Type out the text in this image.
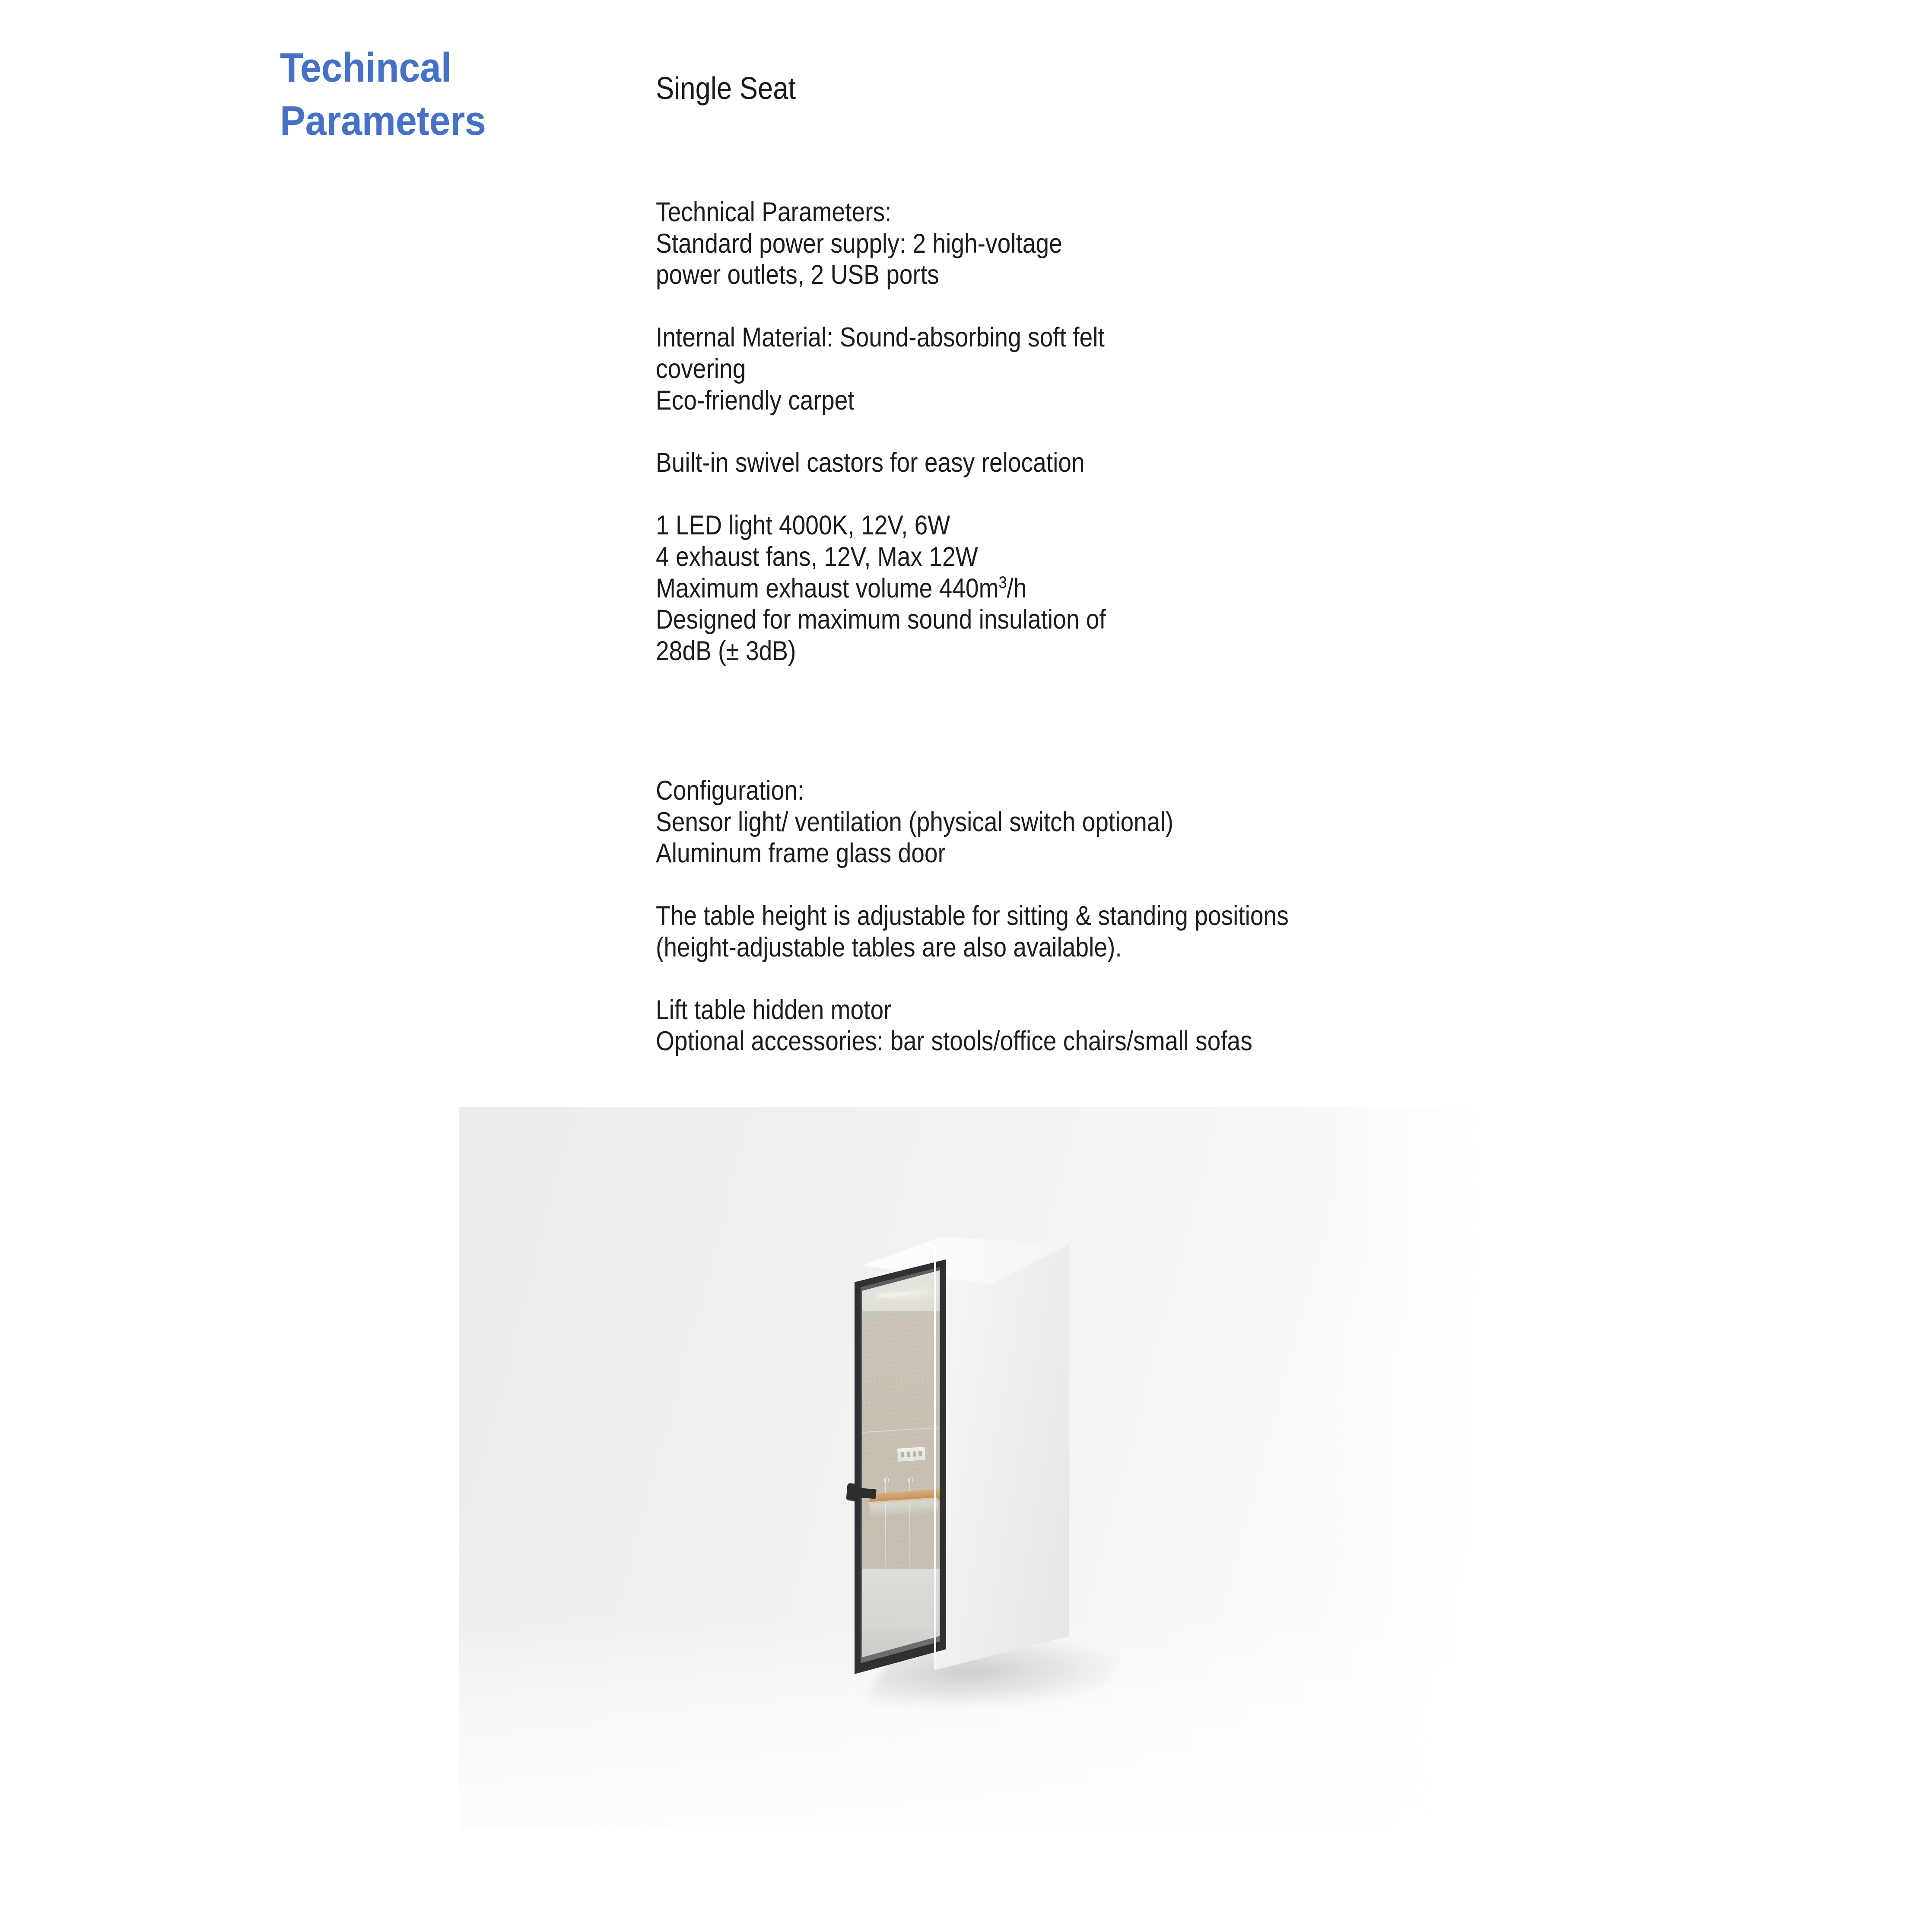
Techincal
Parameters
Single Seat
Technical Parameters:
Standard power supply: 2 high-voltage
power outlets, 2 USB ports
Internal Material: Sound-absorbing soft felt
covering
Eco-friendly carpet
Built-in swivel castors for easy relocation
1 LED light 4000K, 12V, 6W
4 exhaust fans, 12V, Max 12W
Maximum exhaust volume $440m^3/h$
Designed for maximum sound insulation of
28dB (± 3dB)
Configuration:
Sensor light/ ventilation (physical switch optional)
Aluminum frame glass door
The table height is adjustable for sitting & standing positions
(height-adjustable tables are also available).
Lift table hidden motor
Optional accessories: bar stools/office chairs/small sofas
